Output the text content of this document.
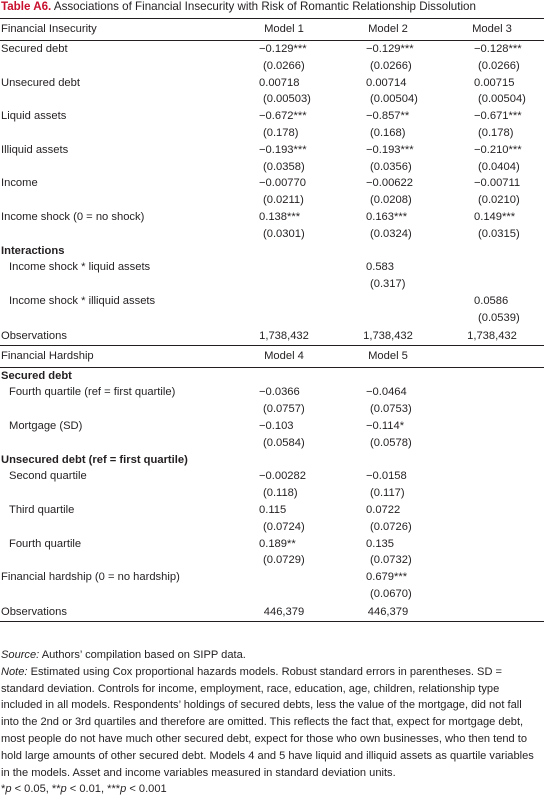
Table A6. Associations of Financial Insecurity with Risk of Romantic Relationship Dissolution
Financial Insecurity	Model 1	Model 2	Model 3
Secured debt	−0.129***	−0.129***	−0.128***
	(0.0266)	(0.0266)	(0.0266)
Unsecured debt	0.00718	0.00714	0.00715
	(0.00503)	(0.00504)	(0.00504)
Liquid assets	−0.672***	−0.857**	−0.671***
	(0.178)	(0.168)	(0.178)
Illiquid assets	−0.193***	−0.193***	−0.210***
	(0.0358)	(0.0356)	(0.0404)
Income	−0.00770	−0.00622	−0.00711
	(0.0211)	(0.0208)	(0.0210)
Income shock (0 = no shock)	0.138***	0.163***	0.149***
	(0.0301)	(0.0324)	(0.0315)
Interactions			
Income shock * liquid assets		0.583	
		(0.317)	
Income shock * illiquid assets			0.0586
			(0.0539)
Observations	1,738,432	1,738,432	1,738,432
Financial Hardship	Model 4	Model 5	
Secured debt			
Fourth quartile (ref = first quartile)	−0.0366	−0.0464	
	(0.0757)	(0.0753)	
Mortgage (SD)	−0.103	−0.114*	
	(0.0584)	(0.0578)	
Unsecured debt (ref = first quartile)			
Second quartile	−0.00282	−0.0158	
	(0.118)	(0.117)	
Third quartile	0.115	0.0722	
	(0.0724)	(0.0726)	
Fourth quartile	0.189**	0.135	
	(0.0729)	(0.0732)	
Financial hardship (0 = no hardship)		0.679***	
		(0.0670)	
Observations	446,379	446,379	

Source: Authors’ compilation based on SIPP data.

Note: Estimated using Cox proportional hazards models. Robust standard errors in parentheses. SD = standard deviation. Controls for income, employment, race, education, age, children, relationship type included in all models. Respondents’ holdings of secured debts, less the value of the mortgage, did not fall into the 2nd or 3rd quartiles and therefore are omitted. This reflects the fact that, expect for mortgage debt, most people do not have much other secured debt, expect for those who own businesses, who then tend to hold large amounts of other secured debt. Models 4 and 5 have liquid and illiquid assets as quartile variables in the models. Asset and income variables measured in standard deviation units.

*p < 0.05, **p < 0.01, ***p < 0.001
